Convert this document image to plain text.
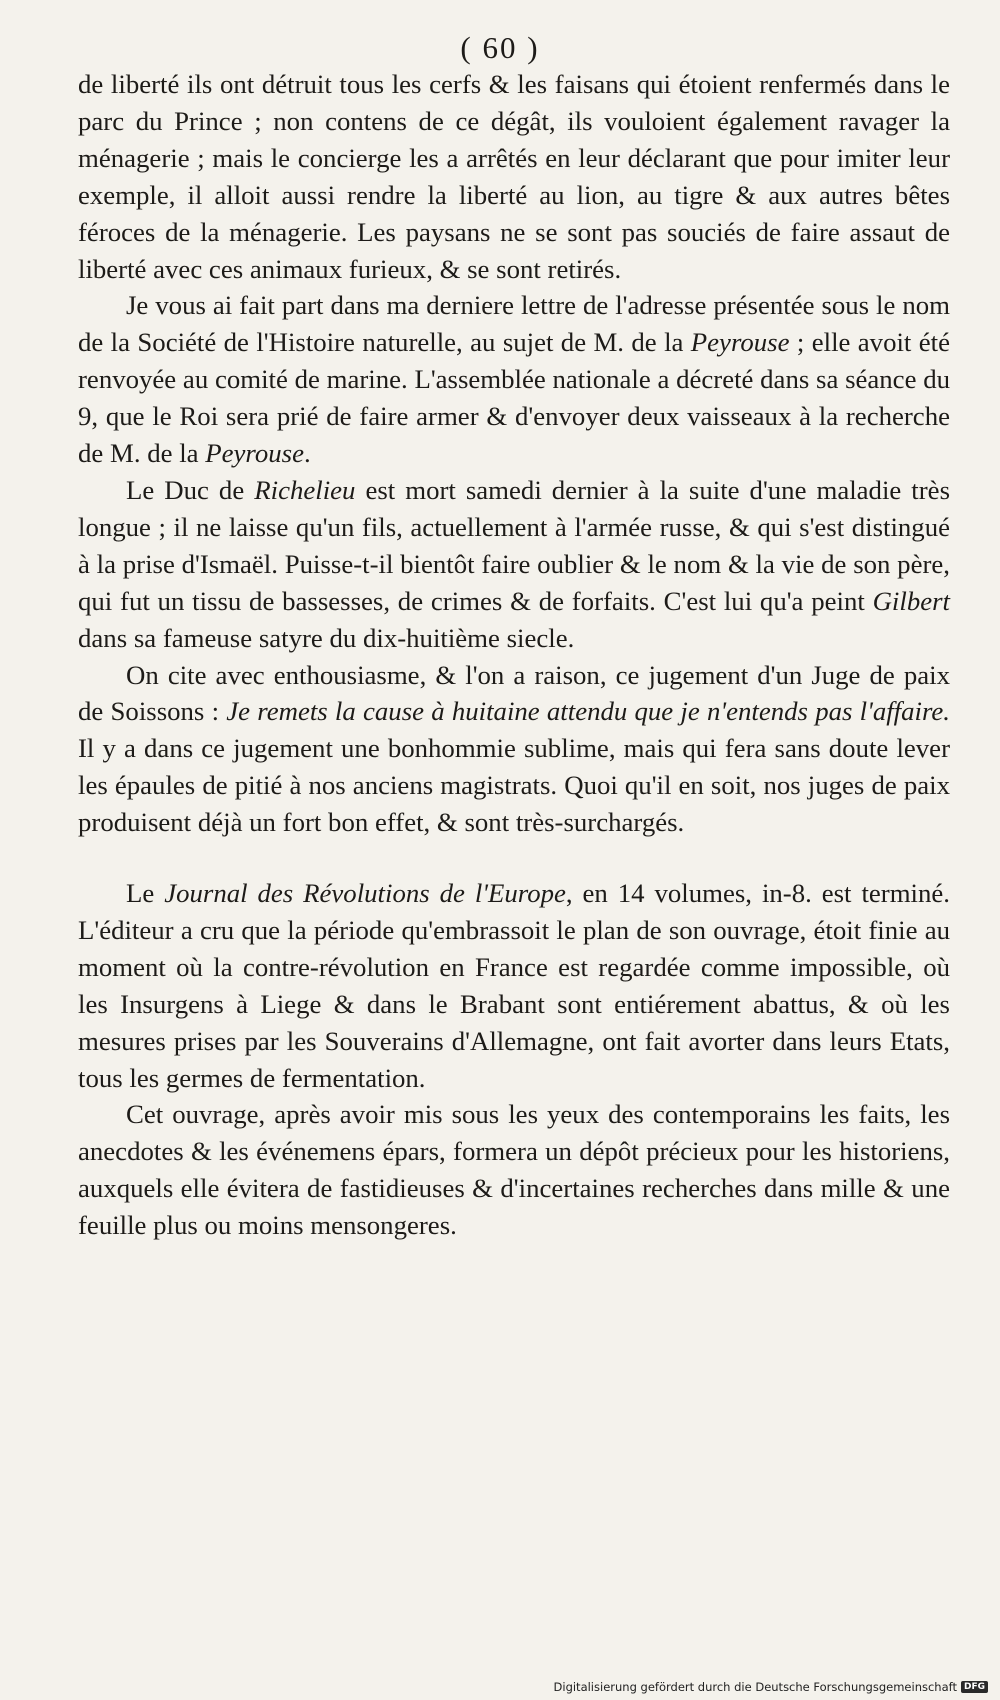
( 60 )

de liberté ils ont détruit tous les cerfs & les faisans qui étoient renfermés dans le parc du Prince ; non contens de ce dégât, ils vouloient également ravager la ménagerie ; mais le concierge les a arrêtés en leur déclarant que pour imiter leur exemple, il alloit aussi rendre la liberté au lion, au tigre & aux autres bêtes féroces de la ménagerie. Les paysans ne se sont pas souciés de faire assaut de liberté avec ces animaux furieux, & se sont retirés.

Je vous ai fait part dans ma derniere lettre de l'adresse présentée sous le nom de la Société de l'Histoire naturelle, au sujet de M. de la Peyrouse ; elle avoit été renvoyée au comité de marine. L'assemblée nationale a décreté dans sa séance du 9, que le Roi sera prié de faire armer & d'envoyer deux vaisseaux à la recherche de M. de la Peyrouse.

Le Duc de Richelieu est mort samedi dernier à la suite d'une maladie très longue ; il ne laisse qu'un fils, actuellement à l'armée russe, & qui s'est distingué à la prise d'Ismaël. Puisse-t-il bientôt faire oublier & le nom & la vie de son père, qui fut un tissu de bassesses, de crimes & de forfaits. C'est lui qu'a peint Gilbert dans sa fameuse satyre du dix-huitième siecle.

On cite avec enthousiasme, & l'on a raison, ce jugement d'un Juge de paix de Soissons : Je remets la cause à huitaine attendu que je n'entends pas l'affaire. Il y a dans ce jugement une bonhommie sublime, mais qui fera sans doute lever les épaules de pitié à nos anciens magistrats. Quoi qu'il en soit, nos juges de paix produisent déjà un fort bon effet, & sont très-surchargés.

Le Journal des Révolutions de l'Europe, en 14 volumes, in-8. est terminé. L'éditeur a cru que la période qu'embrassoit le plan de son ouvrage, étoit finie au moment où la contre-révolution en France est regardée comme impossible, où les Insurgens à Liege & dans le Brabant sont entiérement abattus, & où les mesures prises par les Souverains d'Allemagne, ont fait avorter dans leurs Etats, tous les germes de fermentation.

Cet ouvrage, après avoir mis sous les yeux des contemporains les faits, les anecdotes & les événemens épars, formera un dépôt précieux pour les historiens, auxquels elle évitera de fastidieuses & d'incertaines recherches dans mille & une feuille plus ou moins mensongeres.

Digitalisierung gefördert durch die Deutsche Forschungsgemeinschaft DFG
